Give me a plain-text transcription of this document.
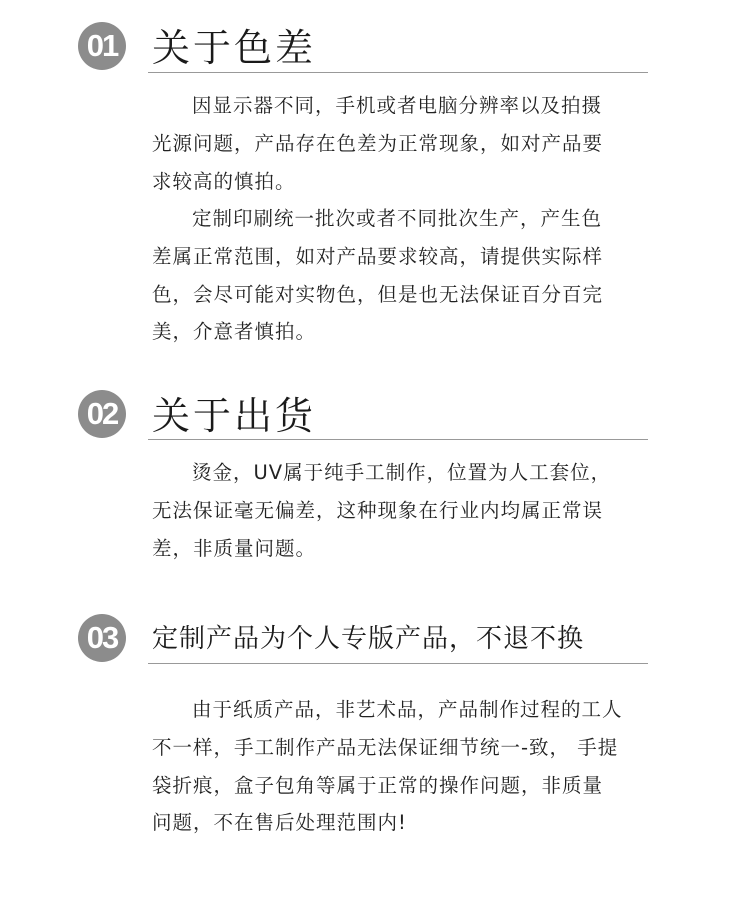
01 关于色差

因显示器不同，手机或者电脑分辨率以及拍摄
光源问题，产品存在色差为正常现象，如对产品要
求较高的慎拍。

定制印刷统一批次或者不同批次生产，产生色
差属正常范围，如对产品要求较高，请提供实际样
色，会尽可能对实物色，但是也无法保证百分百完
美，介意者慎拍。

02 关于出货

烫金，UV属于纯手工制作，位置为人工套位，
无法保证毫无偏差，这种现象在行业内均属正常误
差，非质量问题。

03	定制产品为个人专版产品，不退不换

由于纸质产品，非艺术品，产品制作过程的工人
不一样，手工制作产品无法保证细节统一-致， 手提
袋折痕，盒子包角等属于正常的操作问题，非质量
问题，不在售后处理范围内!
